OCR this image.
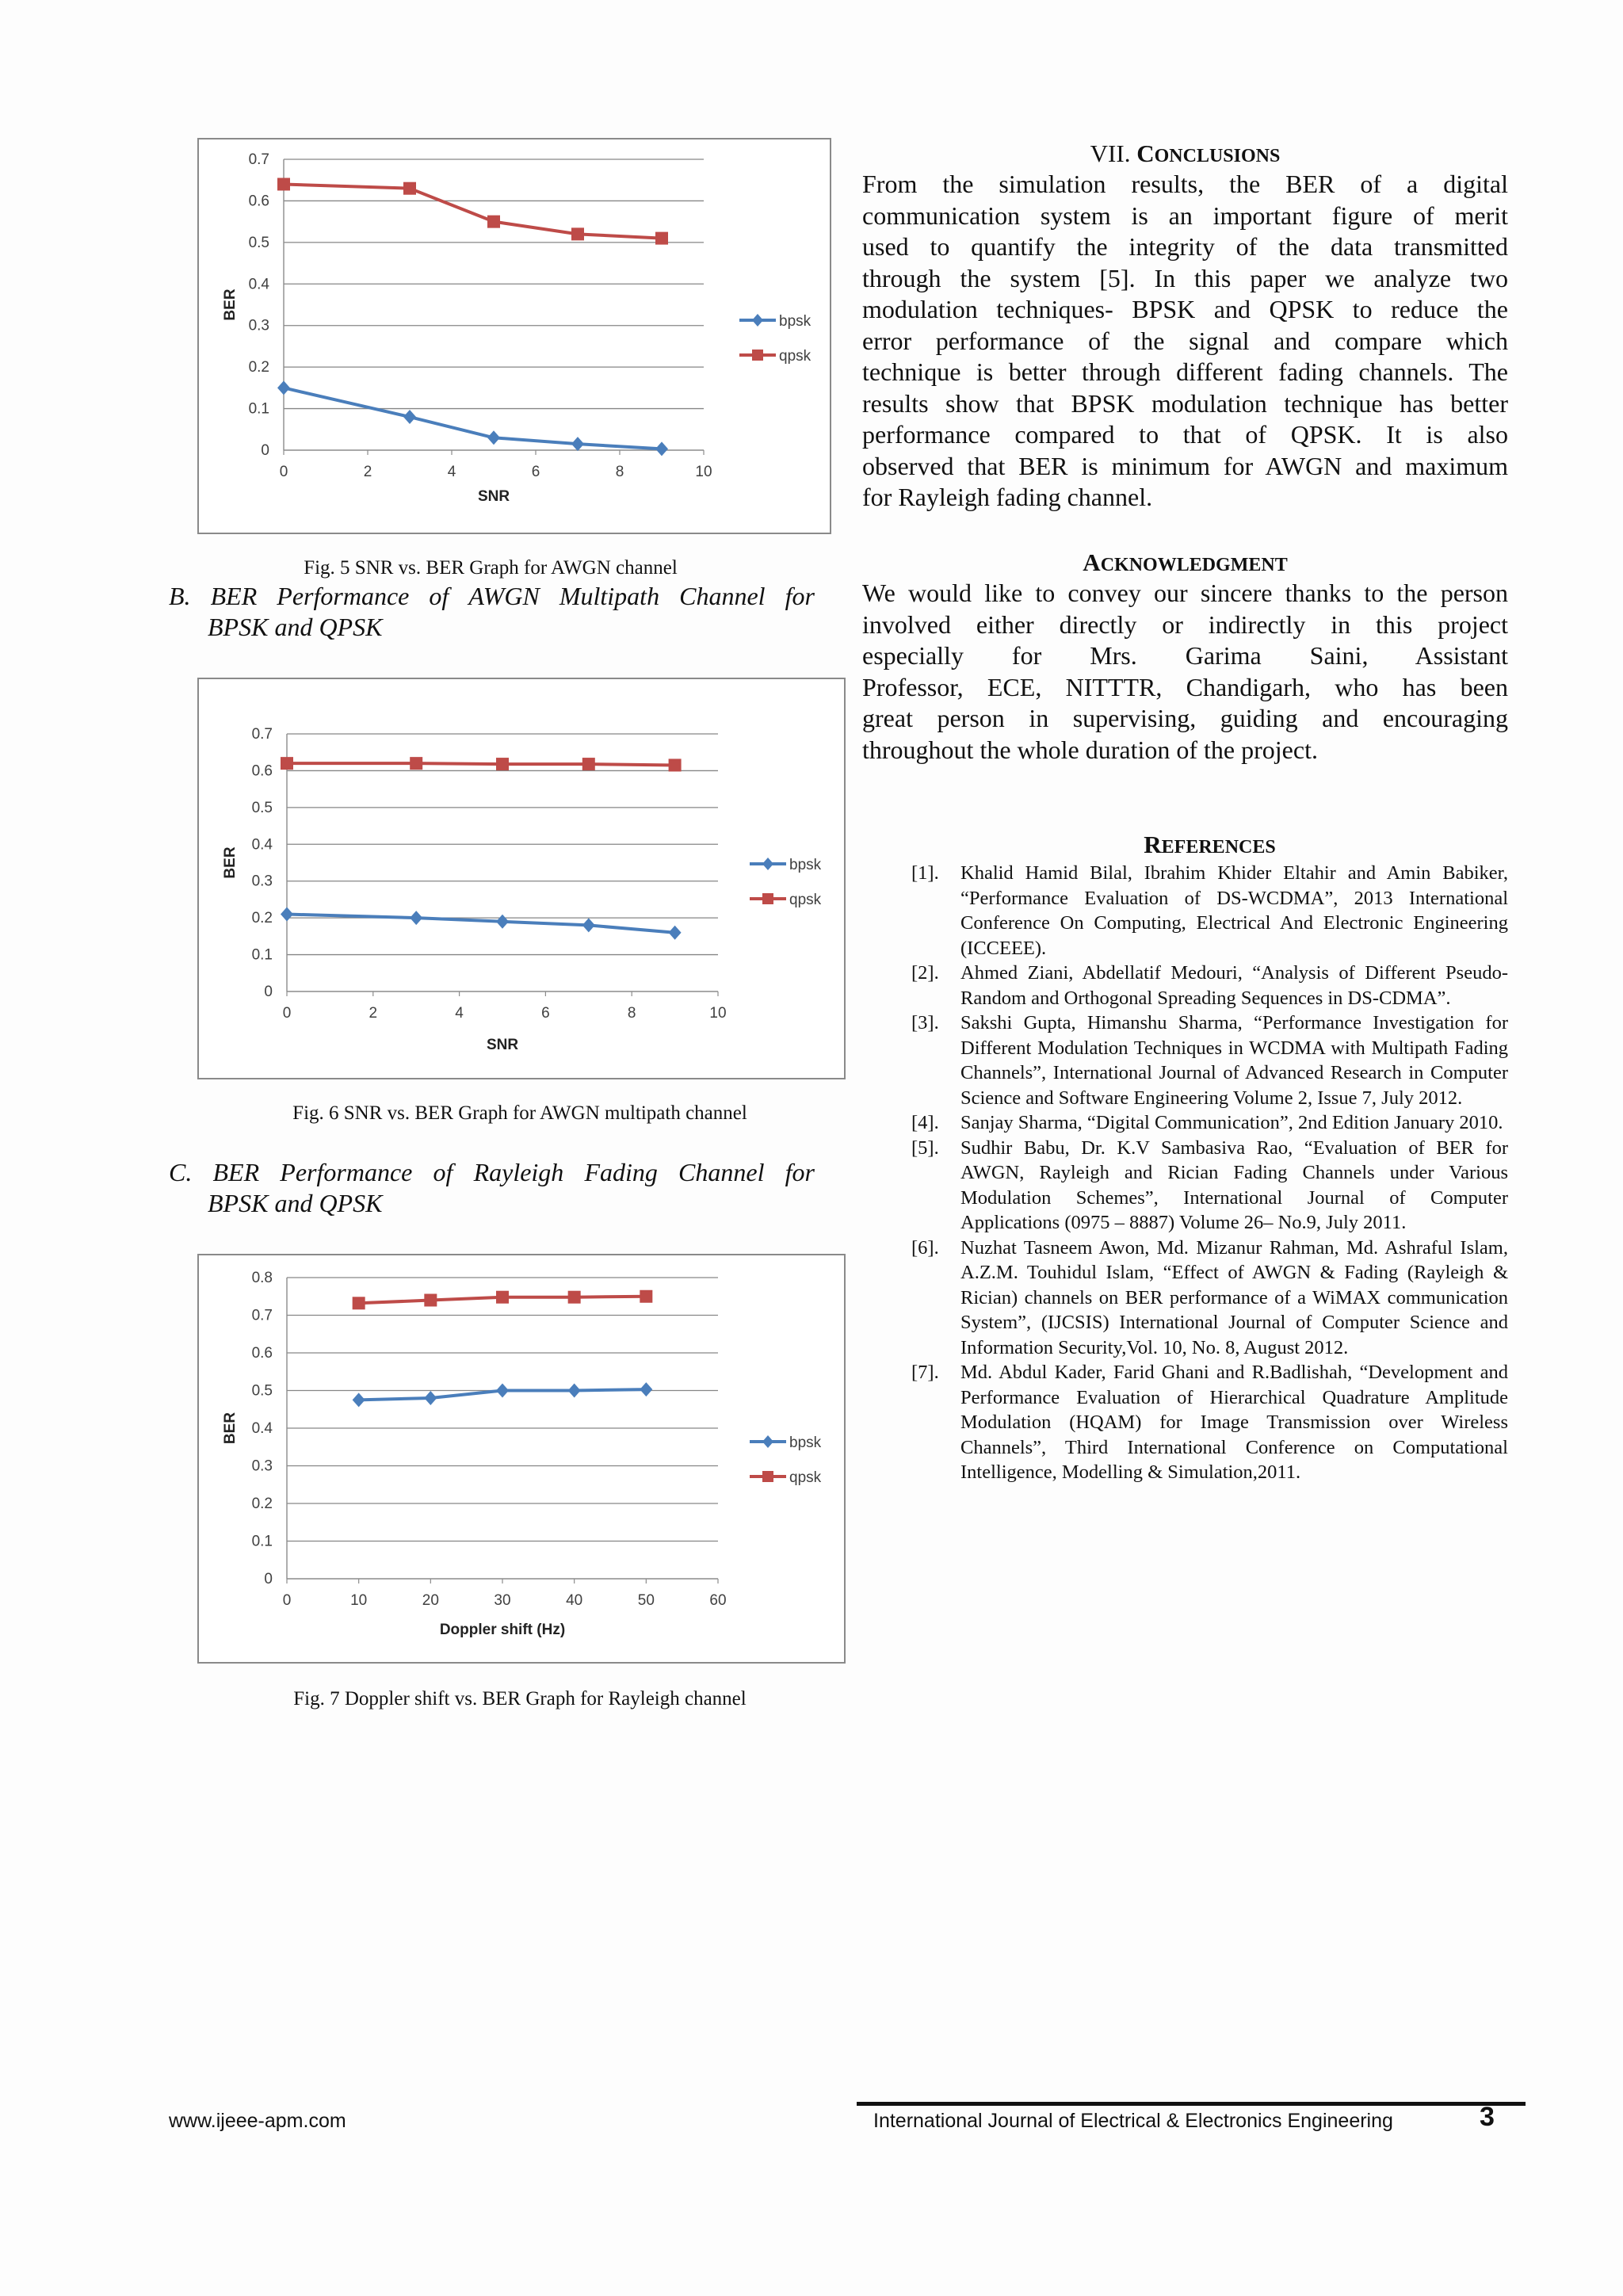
0
0.1
0.2
0.3
0.4
0.5
0.6
0.7
0	2	4	6	8	10
SNR
BER
bpsk
qpsk
Fig. 5 SNR vs. BER Graph for AWGN channel
B. BER Performance of AWGN Multipath Channel for
BPSK and QPSK
0
0.1
0.2
0.3
0.4
0.5
0.6
0.7
0	2	4	6	8	10
SNR
BER	bpsk
qpsk
Fig. 6 SNR vs. BER Graph for AWGN multipath channel
C. BER Performance of Rayleigh Fading Channel for
BPSK and QPSK
0
0.1
0.2
0.3
0.4
0.5
0.6
0.7
0.8
0	10	20	30	40	50	60
Doppler shift (Hz)
BER	bpsk
qpsk
Fig. 7 Doppler shift vs. BER Graph for Rayleigh channel
VII. CONCLUSIONS
From the simulation results, the BER of a digital
communication system is an important figure of merit
used to quantify the integrity of the data transmitted
through the system [5]. In this paper we analyze two
modulation techniques- BPSK and QPSK to reduce the
error performance of the signal and compare which
technique is better through different fading channels. The
results show that BPSK modulation technique has better
performance compared to that of QPSK. It is also
observed that BER is minimum for AWGN and maximum
for Rayleigh fading channel.
ACKNOWLEDGMENT
We would like to convey our sincere thanks to the person
involved either directly or indirectly in this project
especially for Mrs. Garima Saini, Assistant
Professor, ECE, NITTTR, Chandigarh, who has been
great person in supervising, guiding and encouraging
throughout the whole duration of the project.
REFERENCES
[1]. Khalid Hamid Bilal, Ibrahim Khider Eltahir and Amin Babiker, “Performance Evaluation of DS-WCDMA”, 2013 International Conference On Computing, Electrical And Electronic Engineering (ICCEEE).
[2]. Ahmed Ziani, Abdellatif Medouri, “Analysis of Different Pseudo-Random and Orthogonal Spreading Sequences in DS-CDMA”.
[3]. Sakshi Gupta, Himanshu Sharma, “Performance Investigation for Different Modulation Techniques in WCDMA with Multipath Fading Channels”, International Journal of Advanced Research in Computer Science and Software Engineering Volume 2, Issue 7, July 2012.
[4]. Sanjay Sharma, “Digital Communication”, 2nd Edition January 2010.
[5]. Sudhir Babu, Dr. K.V Sambasiva Rao, “Evaluation of BER for AWGN, Rayleigh and Rician Fading Channels under Various Modulation Schemes”, International Journal of Computer Applications (0975 – 8887) Volume 26– No.9, July 2011.
[6]. Nuzhat Tasneem Awon, Md. Mizanur Rahman, Md. Ashraful Islam, A.Z.M. Touhidul Islam, “Effect of AWGN & Fading (Rayleigh & Rician) channels on BER performance of a WiMAX communication System”, (IJCSIS) International Journal of Computer Science and Information Security,Vol. 10, No. 8, August 2012.
[7]. Md. Abdul Kader, Farid Ghani and R.Badlishah, “Development and Performance Evaluation of Hierarchical Quadrature Amplitude Modulation (HQAM) for Image Transmission over Wireless Channels”, Third International Conference on Computational Intelligence, Modelling & Simulation,2011.
www.ijeee-apm.com	International Journal of Electrical & Electronics Engineering	3
